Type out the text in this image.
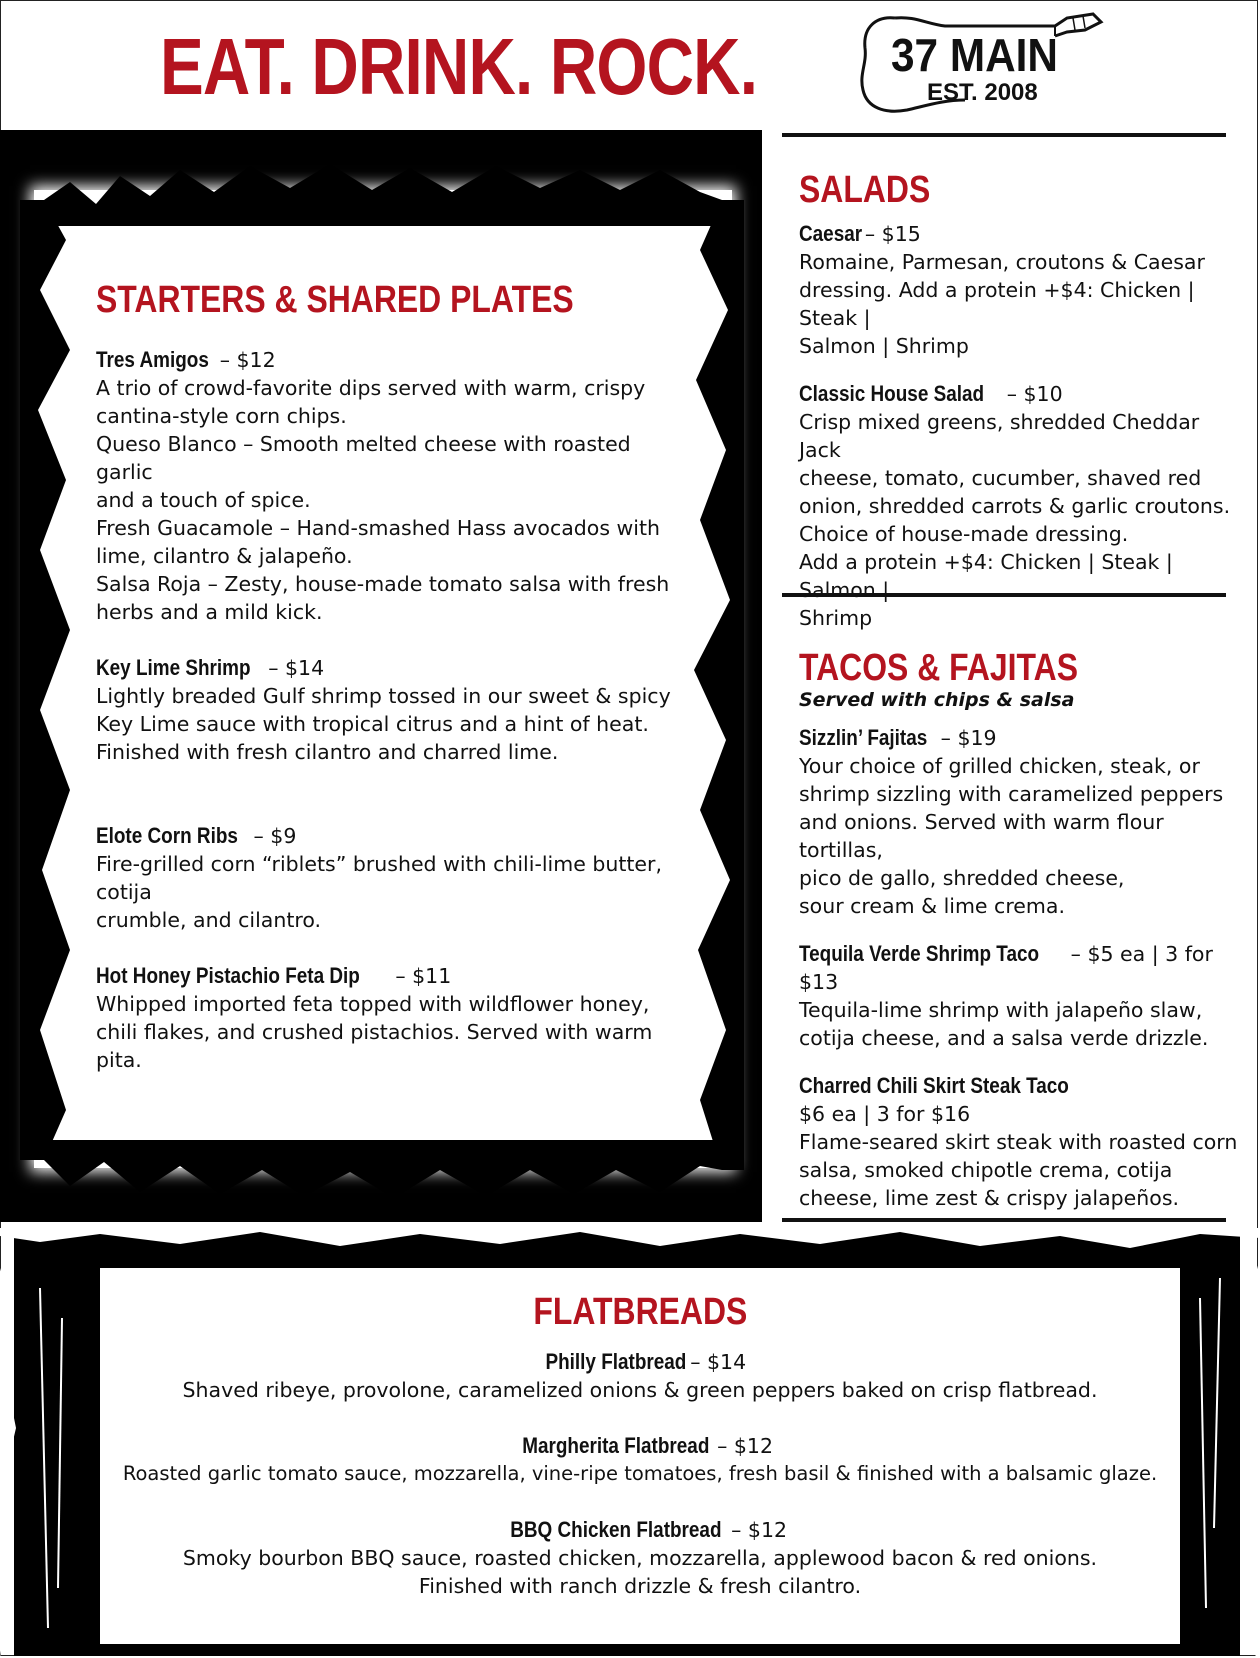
EAT. DRINK. ROCK.	37 MAIN
EST. 2008
STARTERS & SHARED PLATES
Tres Amigos – $12
A trio of crowd-favorite dips served with warm, crispy
cantina-style corn chips.
Queso Blanco – Smooth melted cheese with roasted garlic
and a touch of spice.
Fresh Guacamole – Hand-smashed Hass avocados with
lime, cilantro & jalapeño.
Salsa Roja – Zesty, house-made tomato salsa with fresh
herbs and a mild kick.
Key Lime Shrimp – $14
Lightly breaded Gulf shrimp tossed in our sweet & spicy
Key Lime sauce with tropical citrus and a hint of heat.
Finished with fresh cilantro and charred lime.
Elote Corn Ribs – $9
Fire-grilled corn “riblets” brushed with chili-lime butter, cotija
crumble, and cilantro.
Hot Honey Pistachio Feta Dip – $11
Whipped imported feta topped with wildflower honey,
chili flakes, and crushed pistachios. Served with warm pita.
SALADS
Caesar – $15
Romaine, Parmesan, croutons & Caesar
dressing. Add a protein +$4: Chicken | Steak |
Salmon | Shrimp
Classic House Salad – $10
Crisp mixed greens, shredded Cheddar Jack
cheese, tomato, cucumber, shaved red
onion, shredded carrots & garlic croutons.
Choice of house-made dressing.
Add a protein +$4: Chicken | Steak | Salmon |
Shrimp
TACOS & FAJITAS
Served with chips & salsa
Sizzlin’ Fajitas – $19
Your choice of grilled chicken, steak, or
shrimp sizzling with caramelized peppers
and onions. Served with warm flour tortillas,
pico de gallo, shredded cheese,
sour cream & lime crema.
Tequila Verde Shrimp Taco – $5 ea | 3 for $13
Tequila-lime shrimp with jalapeño slaw,
cotija cheese, and a salsa verde drizzle.
Charred Chili Skirt Steak Taco
$6 ea | 3 for $16
Flame-seared skirt steak with roasted corn
salsa, smoked chipotle crema, cotija
cheese, lime zest & crispy jalapeños.
FLATBREADS
Philly Flatbread – $14
Shaved ribeye, provolone, caramelized onions & green peppers baked on crisp flatbread.
Margherita Flatbread – $12
Roasted garlic tomato sauce, mozzarella, vine-ripe tomatoes, fresh basil & finished with a balsamic glaze.
BBQ Chicken Flatbread – $12
Smoky bourbon BBQ sauce, roasted chicken, mozzarella, applewood bacon & red onions.
Finished with ranch drizzle & fresh cilantro.
